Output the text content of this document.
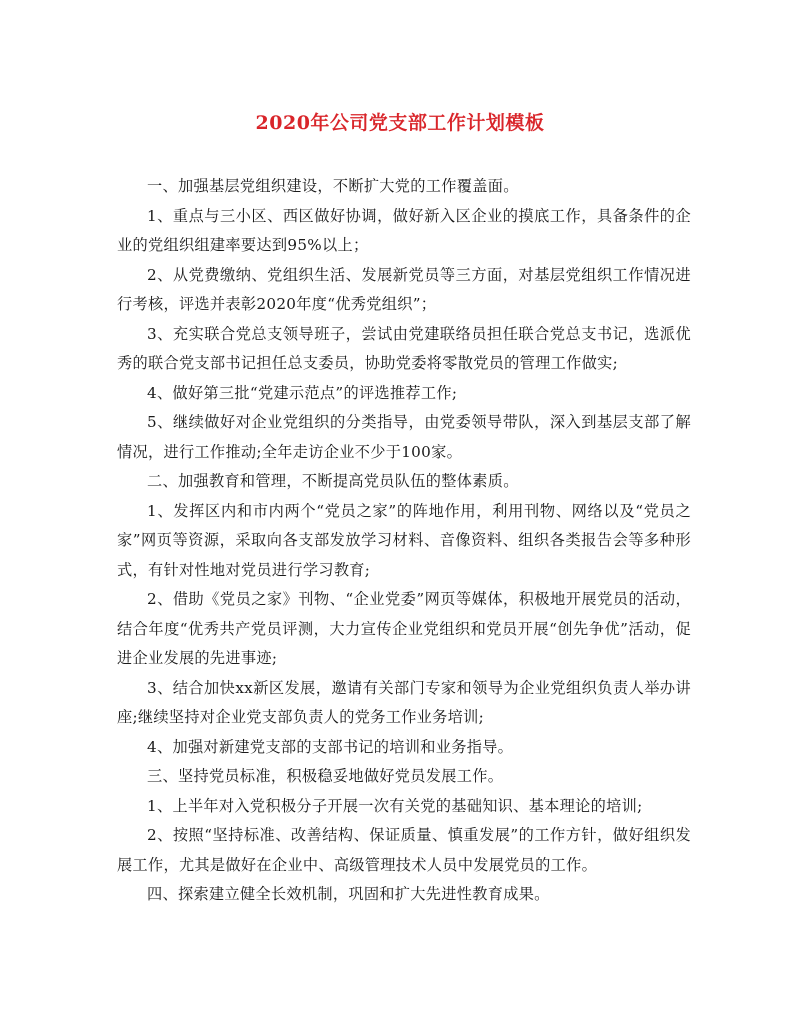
2020年公司党支部工作计划模板

一、加强基层党组织建设，不断扩大党的工作覆盖面。

1、重点与三小区、西区做好协调，做好新入区企业的摸底工作，具备条件的企业的党组织组建率要达到95%以上；

2、从党费缴纳、党组织生活、发展新党员等三方面，对基层党组织工作情况进行考核，评选并表彰2020年度“优秀党组织”；

3、充实联合党总支领导班子，尝试由党建联络员担任联合党总支书记，选派优秀的联合党支部书记担任总支委员，协助党委将零散党员的管理工作做实;

4、做好第三批“党建示范点”的评选推荐工作;

5、继续做好对企业党组织的分类指导，由党委领导带队，深入到基层支部了解情况，进行工作推动;全年走访企业不少于100家。

二、加强教育和管理，不断提高党员队伍的整体素质。

1、发挥区内和市内两个“党员之家”的阵地作用，利用刊物、网络以及“党员之家”网页等资源，采取向各支部发放学习材料、音像资料、组织各类报告会等多种形式，有针对性地对党员进行学习教育;

2、借助《党员之家》刊物、“企业党委”网页等媒体，积极地开展党员的活动，结合年度“优秀共产党员评测，大力宣传企业党组织和党员开展“创先争优”活动，促进企业发展的先进事迹;

3、结合加快xx新区发展，邀请有关部门专家和领导为企业党组织负责人举办讲座;继续坚持对企业党支部负责人的党务工作业务培训;

4、加强对新建党支部的支部书记的培训和业务指导。

三、坚持党员标准，积极稳妥地做好党员发展工作。

1、上半年对入党积极分子开展一次有关党的基础知识、基本理论的培训;

2、按照“坚持标准、改善结构、保证质量、慎重发展”的工作方针，做好组织发展工作，尤其是做好在企业中、高级管理技术人员中发展党员的工作。

四、探索建立健全长效机制，巩固和扩大先进性教育成果。
